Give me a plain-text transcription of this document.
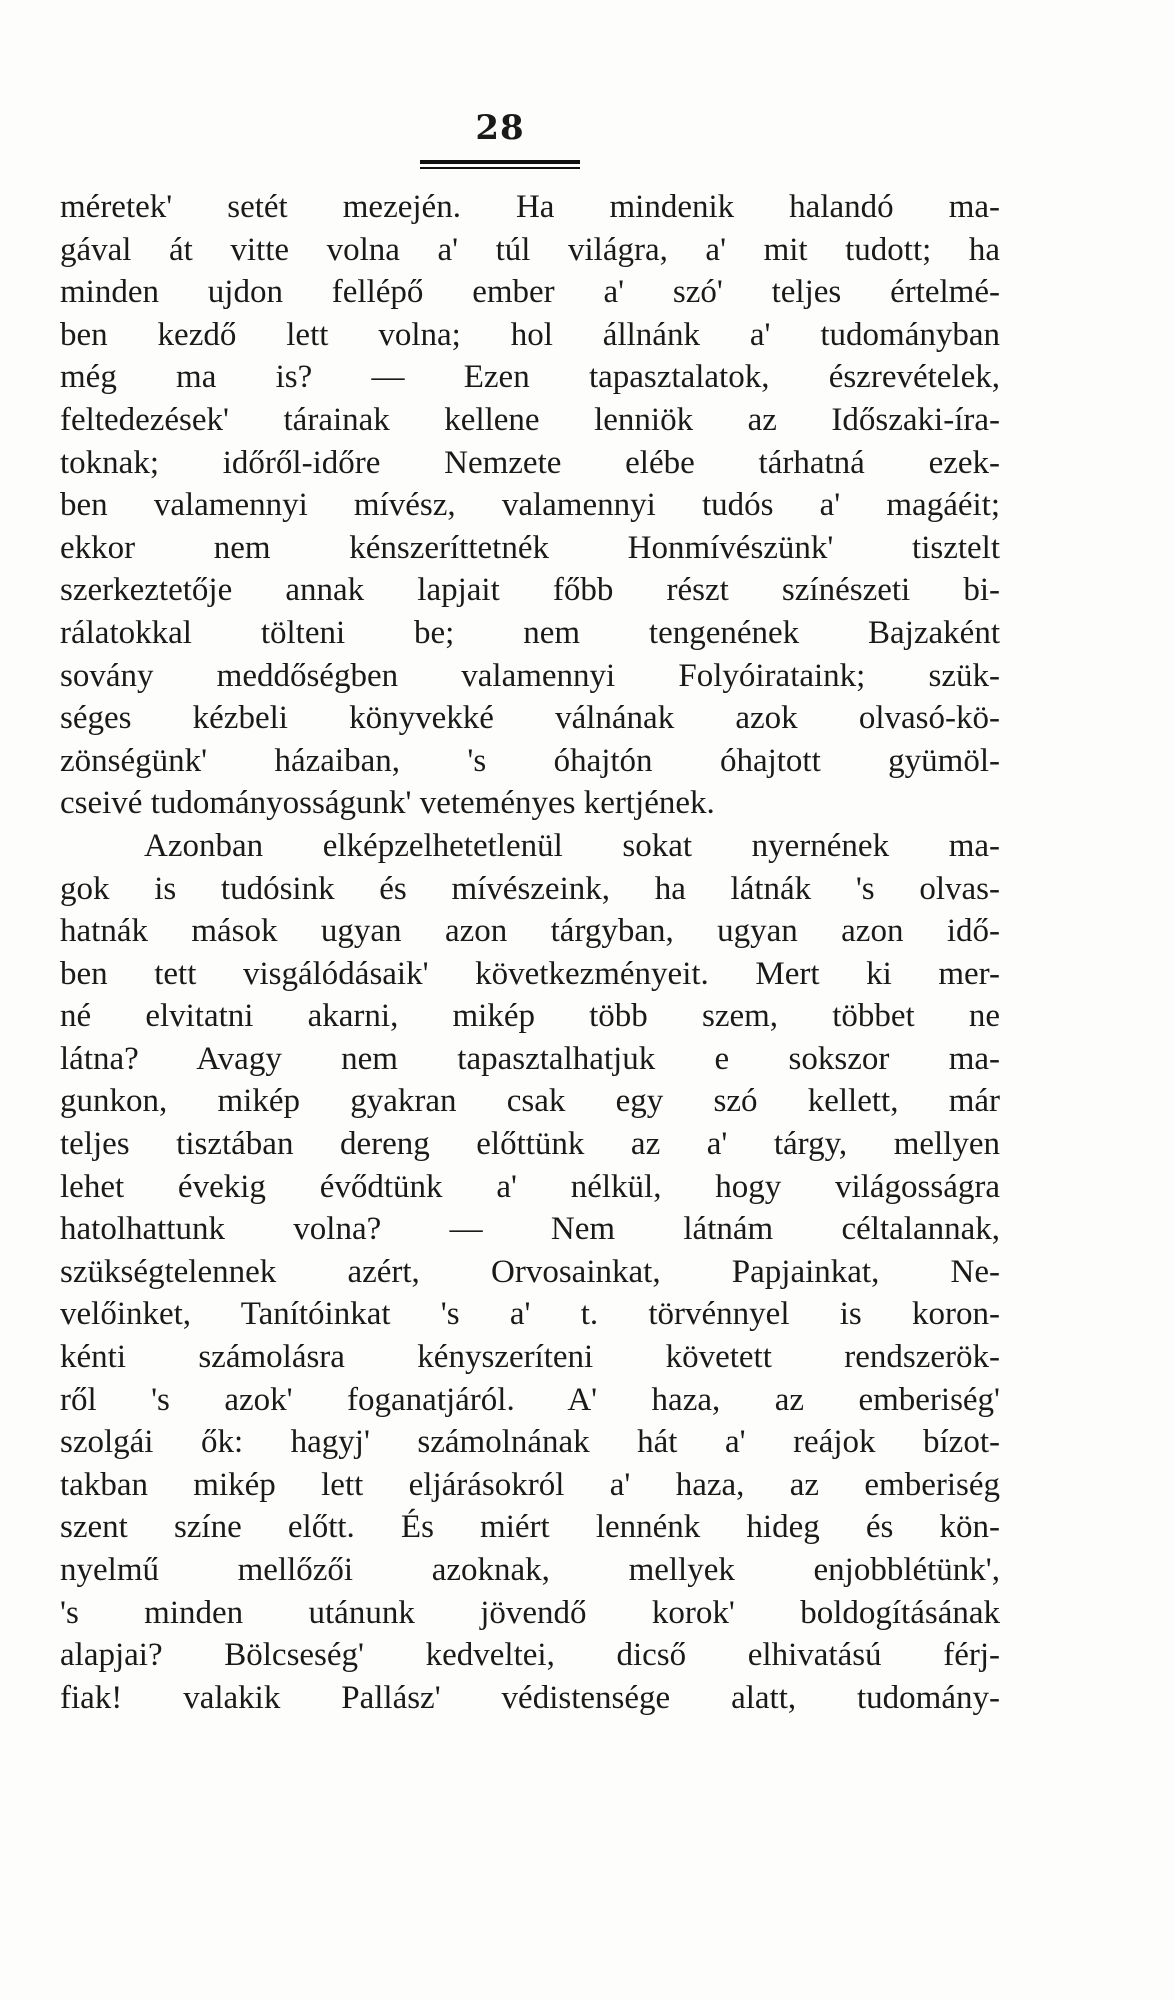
28
méretek' setét mezején. Ha mindenik halandó ma-
gával át vitte volna a' túl világra, a' mit tudott; ha
minden ujdon fellépő ember a' szó' teljes értelmé-
ben kezdő lett volna; hol állnánk a' tudományban
még ma is? — Ezen tapasztalatok, észrevételek,
feltedezések' tárainak kellene lenniök az Időszaki-íra-
toknak; időről-időre Nemzete elébe tárhatná ezek-
ben valamennyi mívész, valamennyi tudós a' magáéit;
ekkor nem kénszeríttetnék Honmívészünk' tisztelt
szerkeztetője annak lapjait főbb részt színészeti bi-
rálatokkal tölteni be; nem tengenének Bajzaként
sovány meddőségben valamennyi Folyóirataink; szük-
séges kézbeli könyvekké válnának azok olvasó-kö-
zönségünk' házaiban, 's óhajtón óhajtott gyümöl-
cseivé tudományosságunk' veteményes kertjének.
Azonban elképzelhetetlenül sokat nyernének ma-
gok is tudósink és mívészeink, ha látnák 's olvas-
hatnák mások ugyan azon tárgyban, ugyan azon idő-
ben tett visgálódásaik' következményeit. Mert ki mer-
né elvitatni akarni, mikép több szem, többet ne
látna? Avagy nem tapasztalhatjuk e sokszor ma-
gunkon, mikép gyakran csak egy szó kellett, már
teljes tisztában dereng előttünk az a' tárgy, mellyen
lehet évekig évődtünk a' nélkül, hogy világosságra
hatolhattunk volna? — Nem látnám céltalannak,
szükségtelennek azért, Orvosainkat, Papjainkat, Ne-
velőinket, Tanítóinkat 's a' t. törvénnyel is koron-
kénti számolásra kényszeríteni követett rendszerök-
ről 's azok' foganatjáról. A' haza, az emberiség'
szolgái ők: hagyj' számolnának hát a' reájok bízot-
takban mikép lett eljárásokról a' haza, az emberiség
szent színe előtt. És miért lennénk hideg és kön-
nyelmű mellőzői azoknak, mellyek enjobblétünk',
's minden utánunk jövendő korok' boldogításának
alapjai? Bölcseség' kedveltei, dicső elhivatású férj-
fiak! valakik Pallász' védistensége alatt, tudomány-
